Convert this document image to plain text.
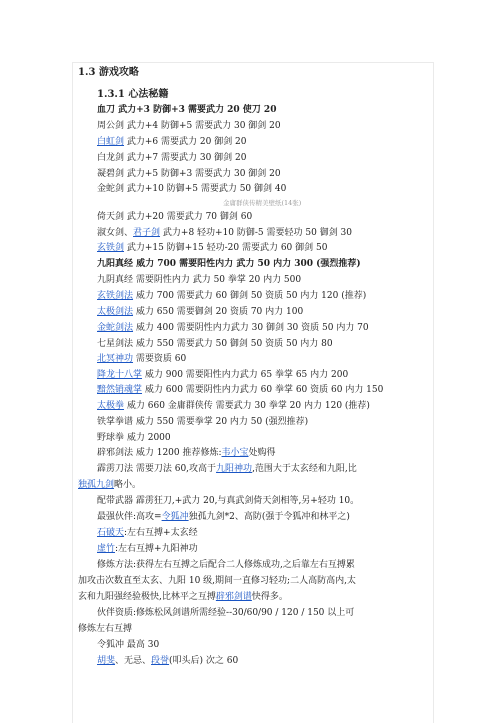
1.3 游戏攻略
1.3.1 心法秘籍
血刀 武力+3 防御+3 需要武力 20 使刀 20
周公剑 武力+4 防御+5 需要武力 30 御剑 20
白虹剑 武力+6 需要武力 20 御剑 20
白龙剑 武力+7 需要武力 30 御剑 20
凝碧剑 武力+5 防御+3 需要武力 30 御剑 20
金蛇剑 武力+10 防御+5 需要武力 50 御剑 40
金庸群侠传精美壁纸(14张)
倚天剑 武力+20 需要武力 70 御剑 60
淑女剑、君子剑 武力+8 轻功+10 防御-5 需要轻功 50 御剑 30
玄铁剑 武力+15 防御+15 轻功-20 需要武力 60 御剑 50
九阳真经 威力 700 需要阳性内力 武力 50 内力 300 (强烈推荐)
九阴真经 需要阴性内力 武力 50 拳掌 20 内力 500
玄铁剑法 威力 700 需要武力 60 御剑 50 资质 50 内力 120 (推荐)
太极剑法 威力 650 需要御剑 20 资质 70 内力 100
金蛇剑法 威力 400 需要阴性内力武力 30 御剑 30 资质 50 内力 70
七星剑法 威力 550 需要武力 50 御剑 50 资质 50 内力 80
北冥神功 需要资质 60
降龙十八掌 威力 900 需要阳性内力武力 65 拳掌 65 内力 200
黯然销魂掌 威力 600 需要阴性内力武力 60 拳掌 60 资质 60 内力 150
太极拳 威力 660 金庸群侠传 需要武力 30 拳掌 20 内力 120 (推荐)
铁掌拳谱 威力 550 需要拳掌 20 内力 50 (强烈推荐)
野球拳 威力 2000
辟邪剑法 威力 1200 推荐修炼:韦小宝处购得
霹雳刀法 需要刀法 60,攻高于九阳神功,范围大于太玄经和九阳,比
独孤九剑略小。
配带武器 霹雳狂刀,+武力 20,与真武剑倚天剑相等,另+轻功 10。
最强伙伴:高攻=令狐冲独孤九剑*2、高防(强于令狐冲和林平之)
石破天:左右互搏+太玄经
虚竹:左右互搏+九阳神功
修炼方法:获得左右互搏之后配合二人修炼成功,之后靠左右互搏累
加攻击次数直至太玄、九阳 10 级,期间一直修习轻功;二人高防高内,太
玄和九阳强经验极快,比林平之互搏辟邪剑谱快得多。
伙伴资质:修炼松风剑谱所需经验--30/60/90 / 120 / 150 以上可
修炼左右互搏
令狐冲 最高 30
胡斐、无忌、段誉(叩头后) 次之 60
